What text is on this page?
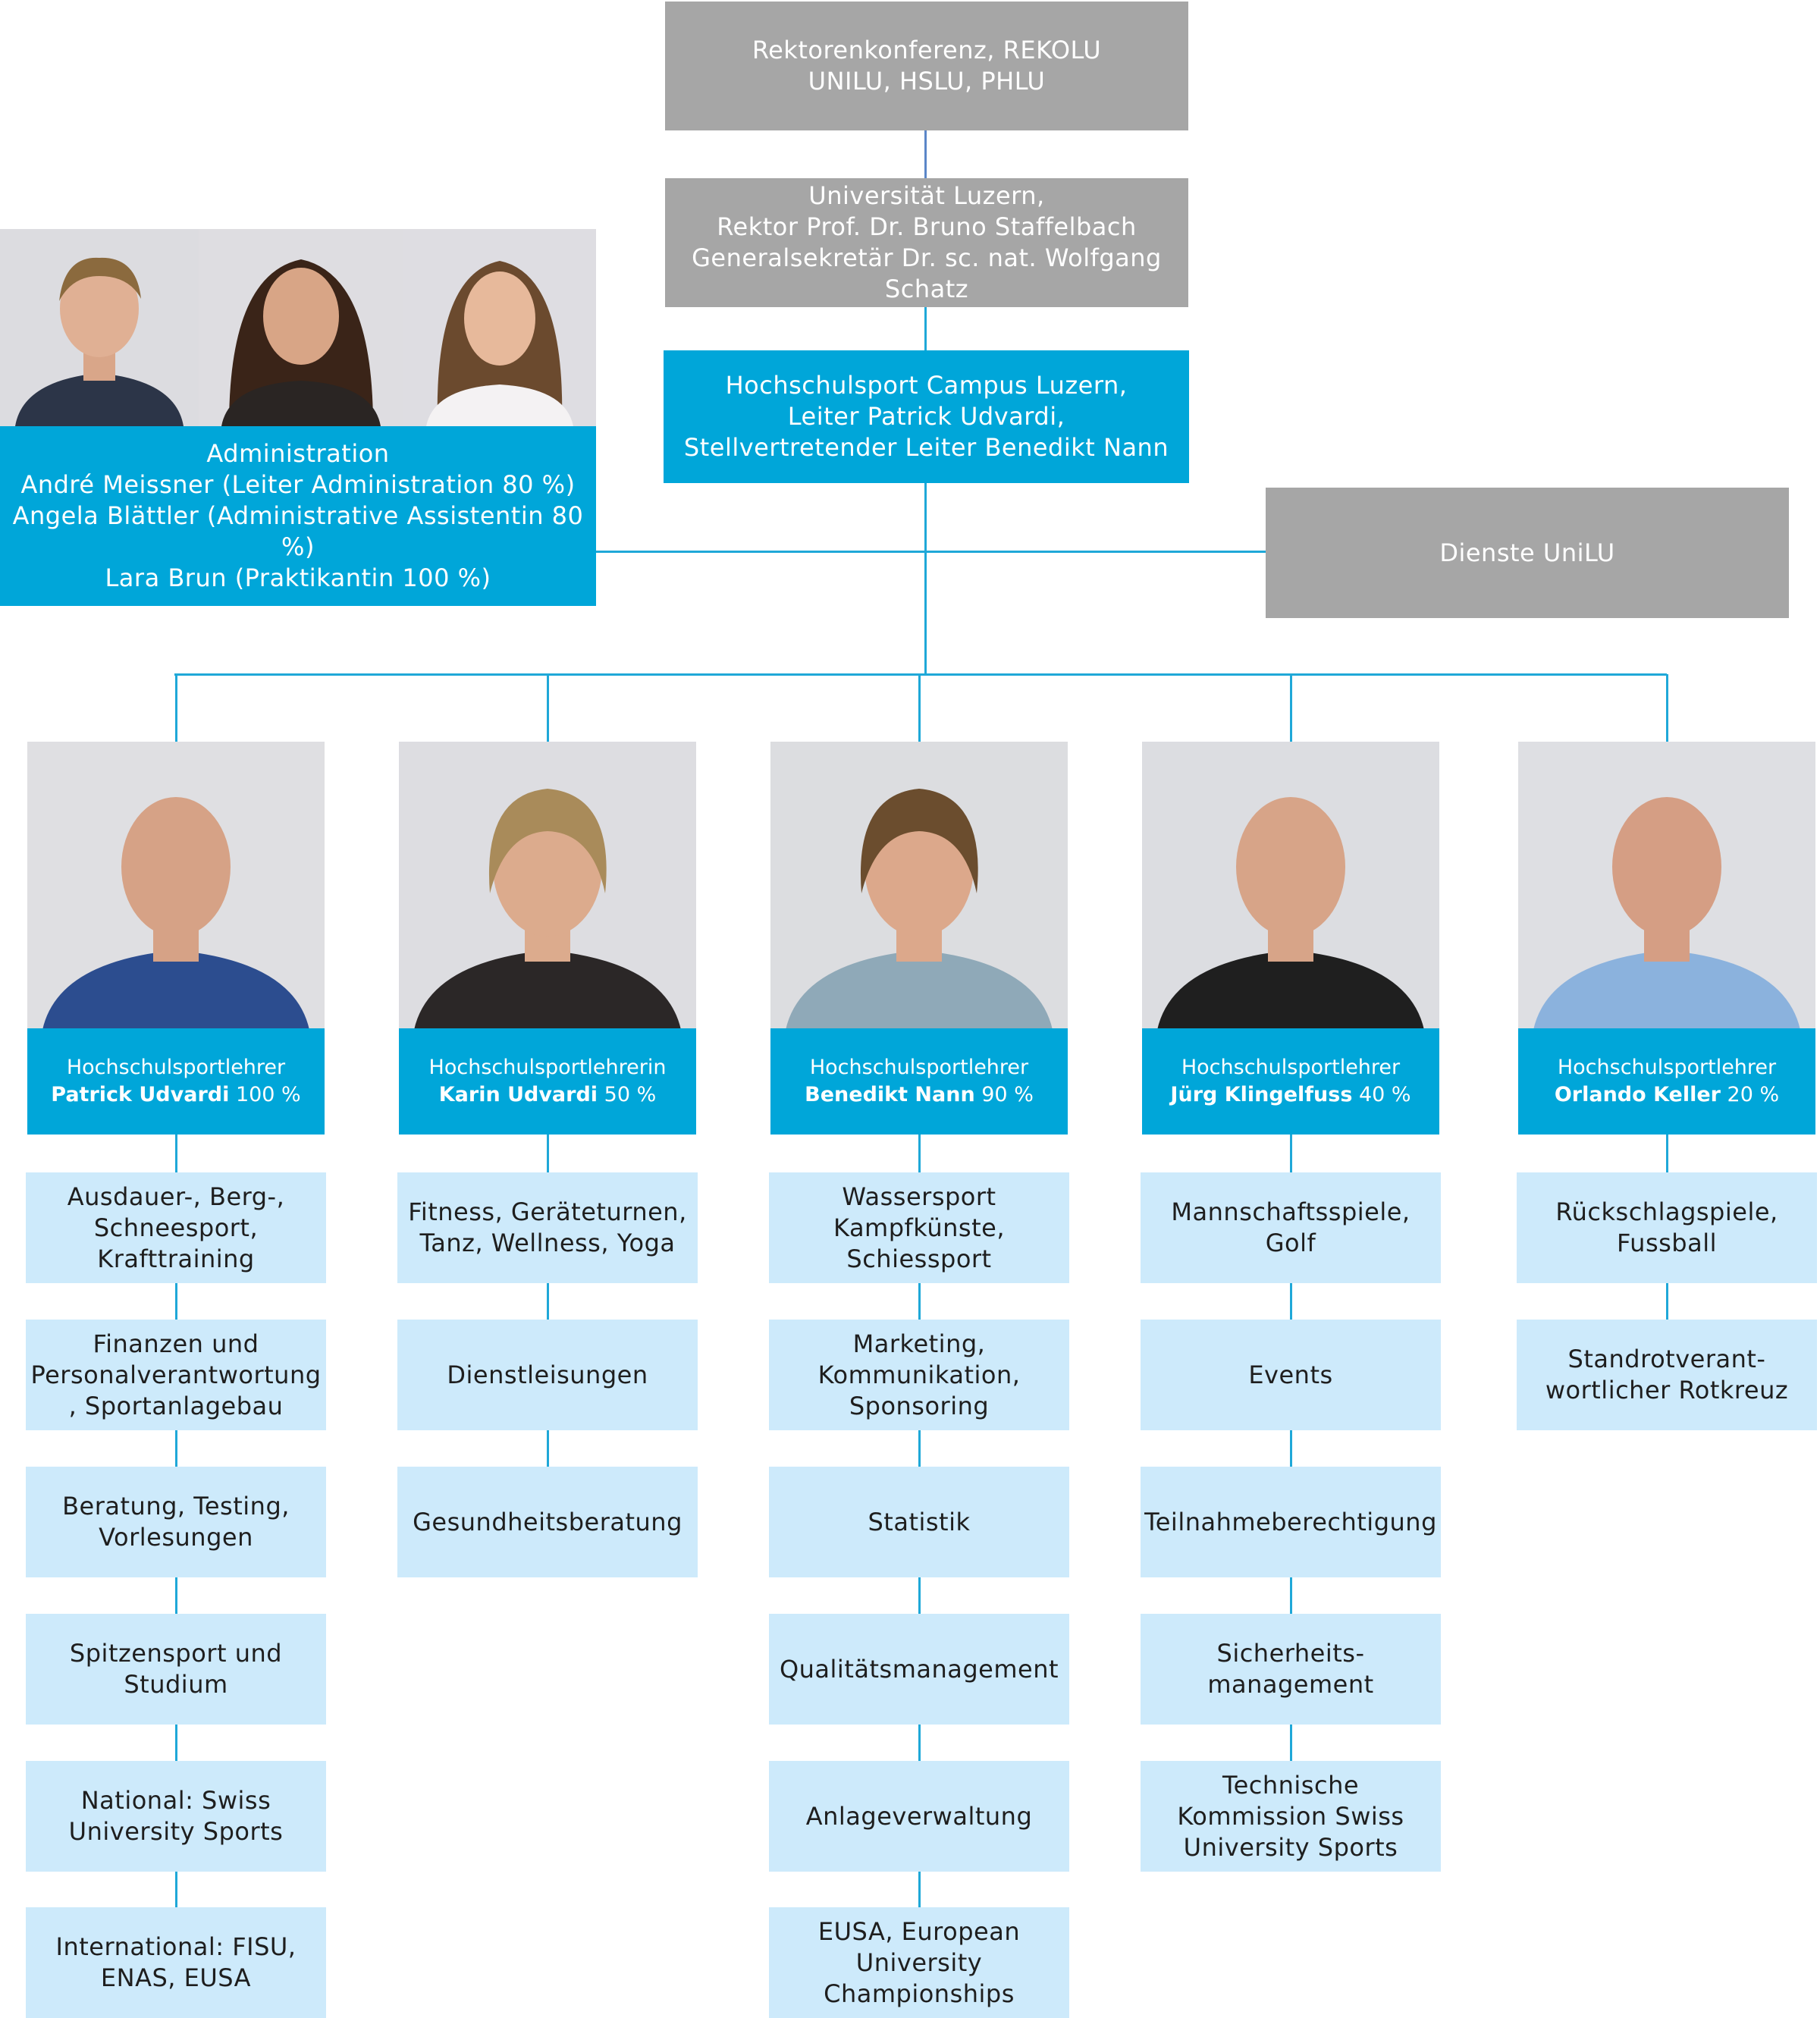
Rektorenkonferenz, REKOLU
UNILU, HSLU, PHLU
Universität Luzern,
Rektor Prof. Dr. Bruno Staffelbach
Generalsekretär Dr. sc. nat. Wolfgang
Schatz
Hochschulsport Campus Luzern,
Leiter Patrick Udvardi,
Stellvertretender Leiter Benedikt Nann
Dienste UniLU
Administration
André Meissner (Leiter Administration 80 %)
Angela Blättler (Administrative Assistentin 80 %)
Lara Brun (Praktikantin 100 %)
Hochschulsportlehrer
Patrick Udvardi 100 %
Ausdauer-, Berg-,
Schneesport,
Krafttraining
Finanzen und
Personalverantwortung
, Sportanlagebau
Beratung, Testing,
Vorlesungen
Spitzensport und
Studium
National: Swiss
University Sports
International: FISU,
ENAS, EUSA
Hochschulsportlehrerin
Karin Udvardi 50 %
Fitness, Geräteturnen,
Tanz, Wellness, Yoga
Dienstleisungen
Gesundheitsberatung
Hochschulsportlehrer
Benedikt Nann 90 %
Wassersport
Kampfkünste,
Schiessport
Marketing,
Kommunikation,
Sponsoring
Statistik
Qualitätsmanagement
Anlageverwaltung
EUSA, European
University
Championships
Hochschulsportlehrer
Jürg Klingelfuss 40 %
Mannschaftsspiele,
Golf
Events
Teilnahmeberechtigung
Sicherheits-
management
Technische
Kommission Swiss
University Sports
Hochschulsportlehrer
Orlando Keller 20 %
Rückschlagspiele,
Fussball
Standrotverant-
wortlicher Rotkreuz
